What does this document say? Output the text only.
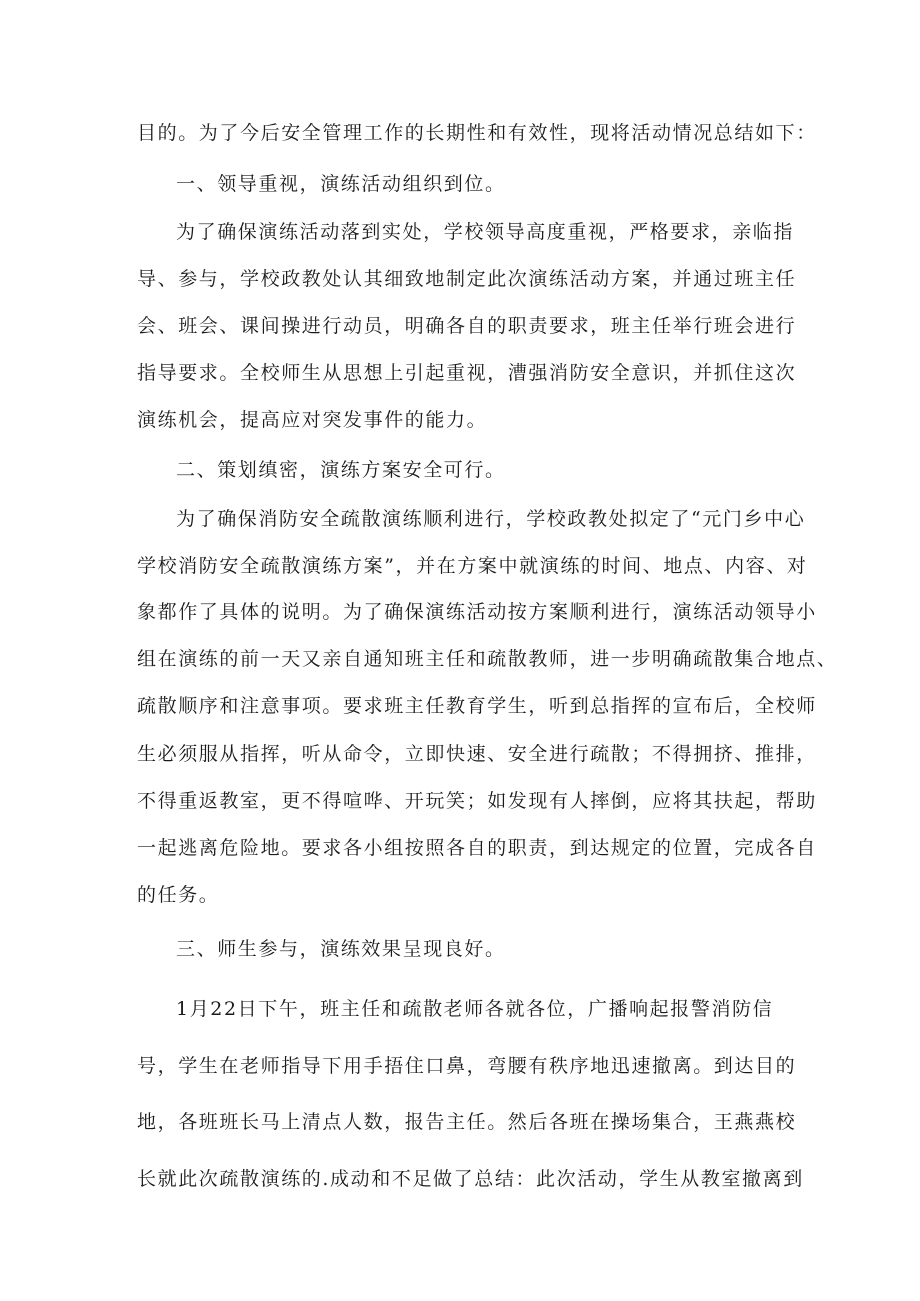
目的。为了今后安全管理工作的长期性和有效性，现将活动情况总结如下：
一、领导重视，演练活动组织到位。
为了确保演练活动落到实处，学校领导高度重视，严格要求，亲临指
导、参与，学校政教处认其细致地制定此次演练活动方案，并通过班主任
会、班会、课间操进行动员，明确各自的职责要求，班主任举行班会进行
指导要求。全校师生从思想上引起重视，漕强消防安全意识，并抓住这次
演练机会，提高应对突发事件的能力。
二、策划缜密，演练方案安全可行。
为了确保消防安全疏散演练顺利进行，学校政教处拟定了“元门乡中心
学校消防安全疏散演练方案”，并在方案中就演练的时间、地点、内容、对
象都作了具体的说明。为了确保演练活动按方案顺利进行，演练活动领导小
组在演练的前一天又亲自通知班主任和疏散教师，进一步明确疏散集合地点、
疏散顺序和注意事项。要求班主任教育学生，听到总指挥的宣布后，全校师
生必须服从指挥，听从命令，立即快速、安全进行疏散；不得拥挤、推排，
不得重返教室，更不得喧哗、开玩笑；如发现有人摔倒，应将其扶起，帮助
一起逃离危险地。要求各小组按照各自的职责，到达规定的位置，完成各自
的任务。
三、师生参与，演练效果呈现良好。
1月22日下午，班主任和疏散老师各就各位，广播响起报警消防信
号，学生在老师指导下用手捂住口鼻，弯腰有秩序地迅速撤离。到达目的
地，各班班长马上清点人数，报告主任。然后各班在操场集合，王燕燕校
长就此次疏散演练的.成动和不足做了总结：此次活动，学生从教室撤离到
